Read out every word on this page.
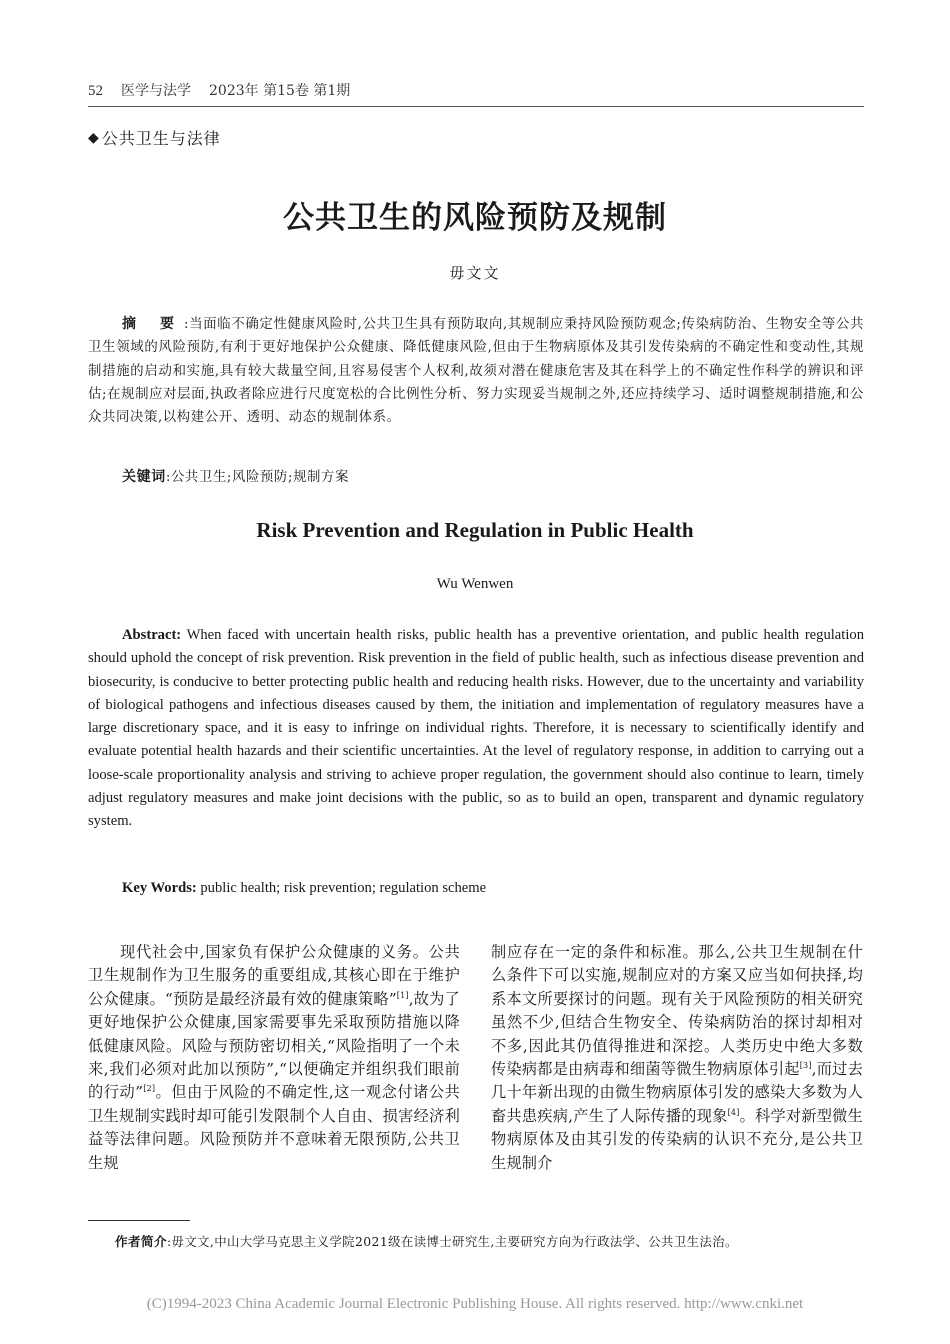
52 医学与法学 2023年 第15卷 第1期
◆ 公共卫生与法律
公共卫生的风险预防及规制
毋文文
摘 要:当面临不确定性健康风险时,公共卫生具有预防取向,其规制应秉持风险预防观念;传染病防治、生物安全等公共卫生领域的风险预防,有利于更好地保护公众健康、降低健康风险,但由于生物病原体及其引发传染病的不确定性和变动性,其规制措施的启动和实施,具有较大裁量空间,且容易侵害个人权利,故须对潜在健康危害及其在科学上的不确定性作科学的辨识和评估;在规制应对层面,执政者除应进行尺度宽松的合比例性分析、努力实现妥当规制之外,还应持续学习、适时调整规制措施,和公众共同决策,以构建公开、透明、动态的规制体系。
关键词:公共卫生;风险预防;规制方案
Risk Prevention and Regulation in Public Health
Wu Wenwen
Abstract: When faced with uncertain health risks, public health has a preventive orientation, and public health regulation should uphold the concept of risk prevention. Risk prevention in the field of public health, such as infectious disease prevention and biosecurity, is conducive to better protecting public health and reducing health risks. However, due to the uncertainty and variability of biological pathogens and infectious diseases caused by them, the initiation and implementation of regulatory measures have a large discretionary space, and it is easy to infringe on individual rights. Therefore, it is necessary to scientifically identify and evaluate potential health hazards and their scientific uncertainties. At the level of regulatory response, in addition to carrying out a loose-scale proportionality analysis and striving to achieve proper regulation, the government should also continue to learn, timely adjust regulatory measures and make joint decisions with the public, so as to build an open, transparent and dynamic regulatory system.
Key Words: public health; risk prevention; regulation scheme
现代社会中,国家负有保护公众健康的义务。公共卫生规制作为卫生服务的重要组成,其核心即在于维护公众健康。“预防是最经济最有效的健康策略”[1],故为了更好地保护公众健康,国家需要事先采取预防措施以降低健康风险。风险与预防密切相关,“风险指明了一个未来,我们必须对此加以预防”,“以便确定并组织我们眼前的行动”[2]。但由于风险的不确定性,这一观念付诸公共卫生规制实践时却可能引发限制个人自由、损害经济利益等法律问题。风险预防并不意味着无限预防,公共卫生规
制应存在一定的条件和标准。那么,公共卫生规制在什么条件下可以实施,规制应对的方案又应当如何抉择,均系本文所要探讨的问题。现有关于风险预防的相关研究虽然不少,但结合生物安全、传染病防治的探讨却相对不多,因此其仍值得推进和深挖。人类历史中绝大多数传染病都是由病毒和细菌等微生物病原体引起[3],而过去几十年新出现的由微生物病原体引发的感染大多数为人畜共患疾病,产生了人际传播的现象[4]。科学对新型微生物病原体及由其引发的传染病的认识不充分,是公共卫生规制介
作者简介:毋文文,中山大学马克思主义学院2021级在读博士研究生,主要研究方向为行政法学、公共卫生法治。
(C)1994-2023 China Academic Journal Electronic Publishing House. All rights reserved. http://www.cnki.net
